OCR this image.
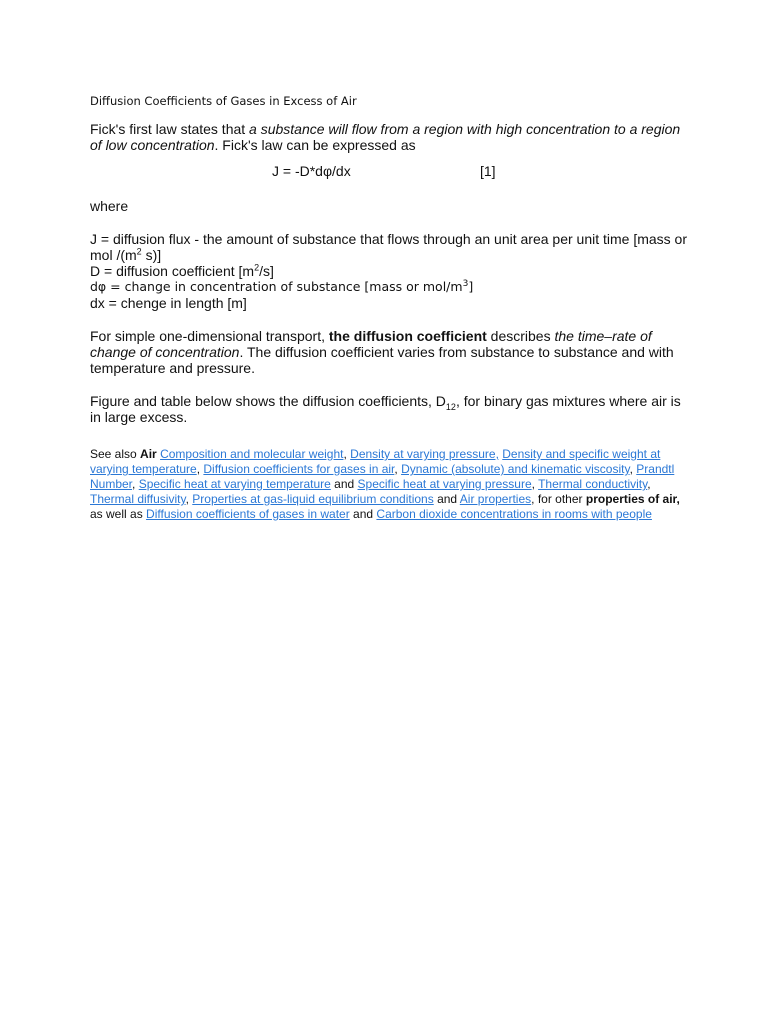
Diffusion Coefficients of Gases in Excess of Air

Fick's first law states that a substance will flow from a region with high concentration to a region of low concentration. Fick's law can be expressed as

J = -D*dφ/dx	[1]

where

J = diffusion flux - the amount of substance that flows through an unit area per unit time [mass or mol $/(m^2$ s)]

D = diffusion coefficient $[m^2/s]$

dφ = change in concentration of substance [mass or mol/$m^3$]

dx = chenge in length [m]

For simple one-dimensional transport, the diffusion coefficient describes the time–rate of change of concentration. The diffusion coefficient varies from substance to substance and with temperature and pressure.

Figure and table below shows the diffusion coefficients, $D_{12}$, for binary gas mixtures where air is in large excess.

See also Air Composition and molecular weight, Density at varying pressure, Density and specific weight at varying temperature, Diffusion coefficients for gases in air, Dynamic (absolute) and kinematic viscosity, Prandtl Number, Specific heat at varying temperature and Specific heat at varying pressure, Thermal conductivity, Thermal diffusivity, Properties at gas-liquid equilibrium conditions and Air properties, for other properties of air, as well as Diffusion coefficients of gases in water and Carbon dioxide concentrations in rooms with people
